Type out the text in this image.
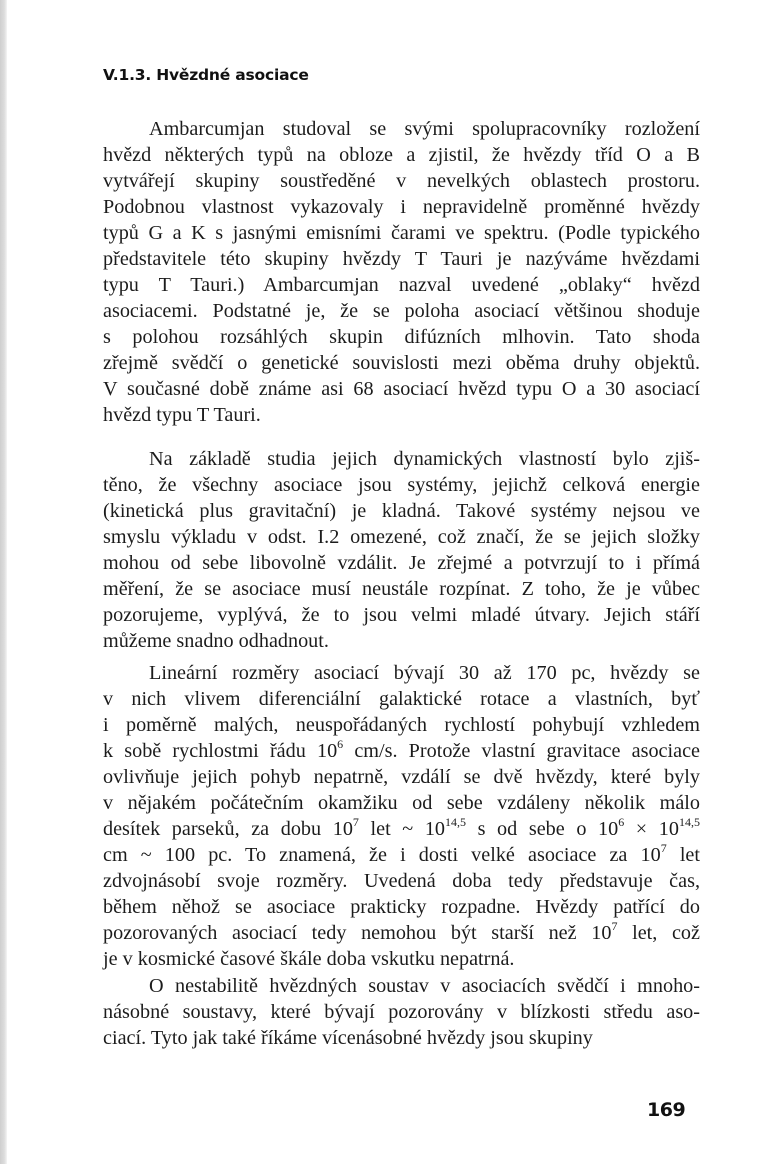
V.1.3. Hvězdné asociace
Ambarcumjan studoval se svými spolupracovníky rozložení
hvězd některých typů na obloze a zjistil, že hvězdy tříd O a B
vytvářejí skupiny soustředěné v nevelkých oblastech prostoru.
Podobnou vlastnost vykazovaly i nepravidelně proměnné hvězdy
typů G a K s jasnými emisními čarami ve spektru. (Podle typického
představitele této skupiny hvězdy T Tauri je nazýváme hvězdami
typu T Tauri.) Ambarcumjan nazval uvedené „oblaky“ hvězd
asociacemi. Podstatné je, že se poloha asociací většinou shoduje
s polohou rozsáhlých skupin difúzních mlhovin. Tato shoda
zřejmě svědčí o genetické souvislosti mezi oběma druhy objektů.
V současné době známe asi 68 asociací hvězd typu O a 30 asociací
hvězd typu T Tauri.
Na základě studia jejich dynamických vlastností bylo zjiš-
těno, že všechny asociace jsou systémy, jejichž celková energie
(kinetická plus gravitační) je kladná. Takové systémy nejsou ve
smyslu výkladu v odst. I.2 omezené, což značí, že se jejich složky
mohou od sebe libovolně vzdálit. Je zřejmé a potvrzují to i přímá
měření, že se asociace musí neustále rozpínat. Z toho, že je vůbec
pozorujeme, vyplývá, že to jsou velmi mladé útvary. Jejich stáří
můžeme snadno odhadnout.
Lineární rozměry asociací bývají 30 až 170 pc, hvězdy se
v nich vlivem diferenciální galaktické rotace a vlastních, byť
i poměrně malých, neuspořádaných rychlostí pohybují vzhledem
k sobě rychlostmi řádu $10^6$ cm/s. Protože vlastní gravitace asociace
ovlivňuje jejich pohyb nepatrně, vzdálí se dvě hvězdy, které byly
v nějakém počátečním okamžiku od sebe vzdáleny několik málo
desítek parseků, za dobu $10^7$ let ~ 10$^{14,5}$ s od sebe o $10^6 \times 10^{14,5}$
cm ~ 100 pc. To znamená, že i dosti velké asociace za $10^7$ let
zdvojnásobí svoje rozměry. Uvedená doba tedy představuje čas,
během něhož se asociace prakticky rozpadne. Hvězdy patřící do
pozorovaných asociací tedy nemohou být starší než $10^7$ let, což
je v kosmické časové škále doba vskutku nepatrná.
O nestabilitě hvězdných soustav v asociacích svědčí i mnoho-
násobné soustavy, které bývají pozorovány v blízkosti středu aso-
ciací. Tyto jak také říkáme vícenásobné hvězdy jsou skupiny
169
